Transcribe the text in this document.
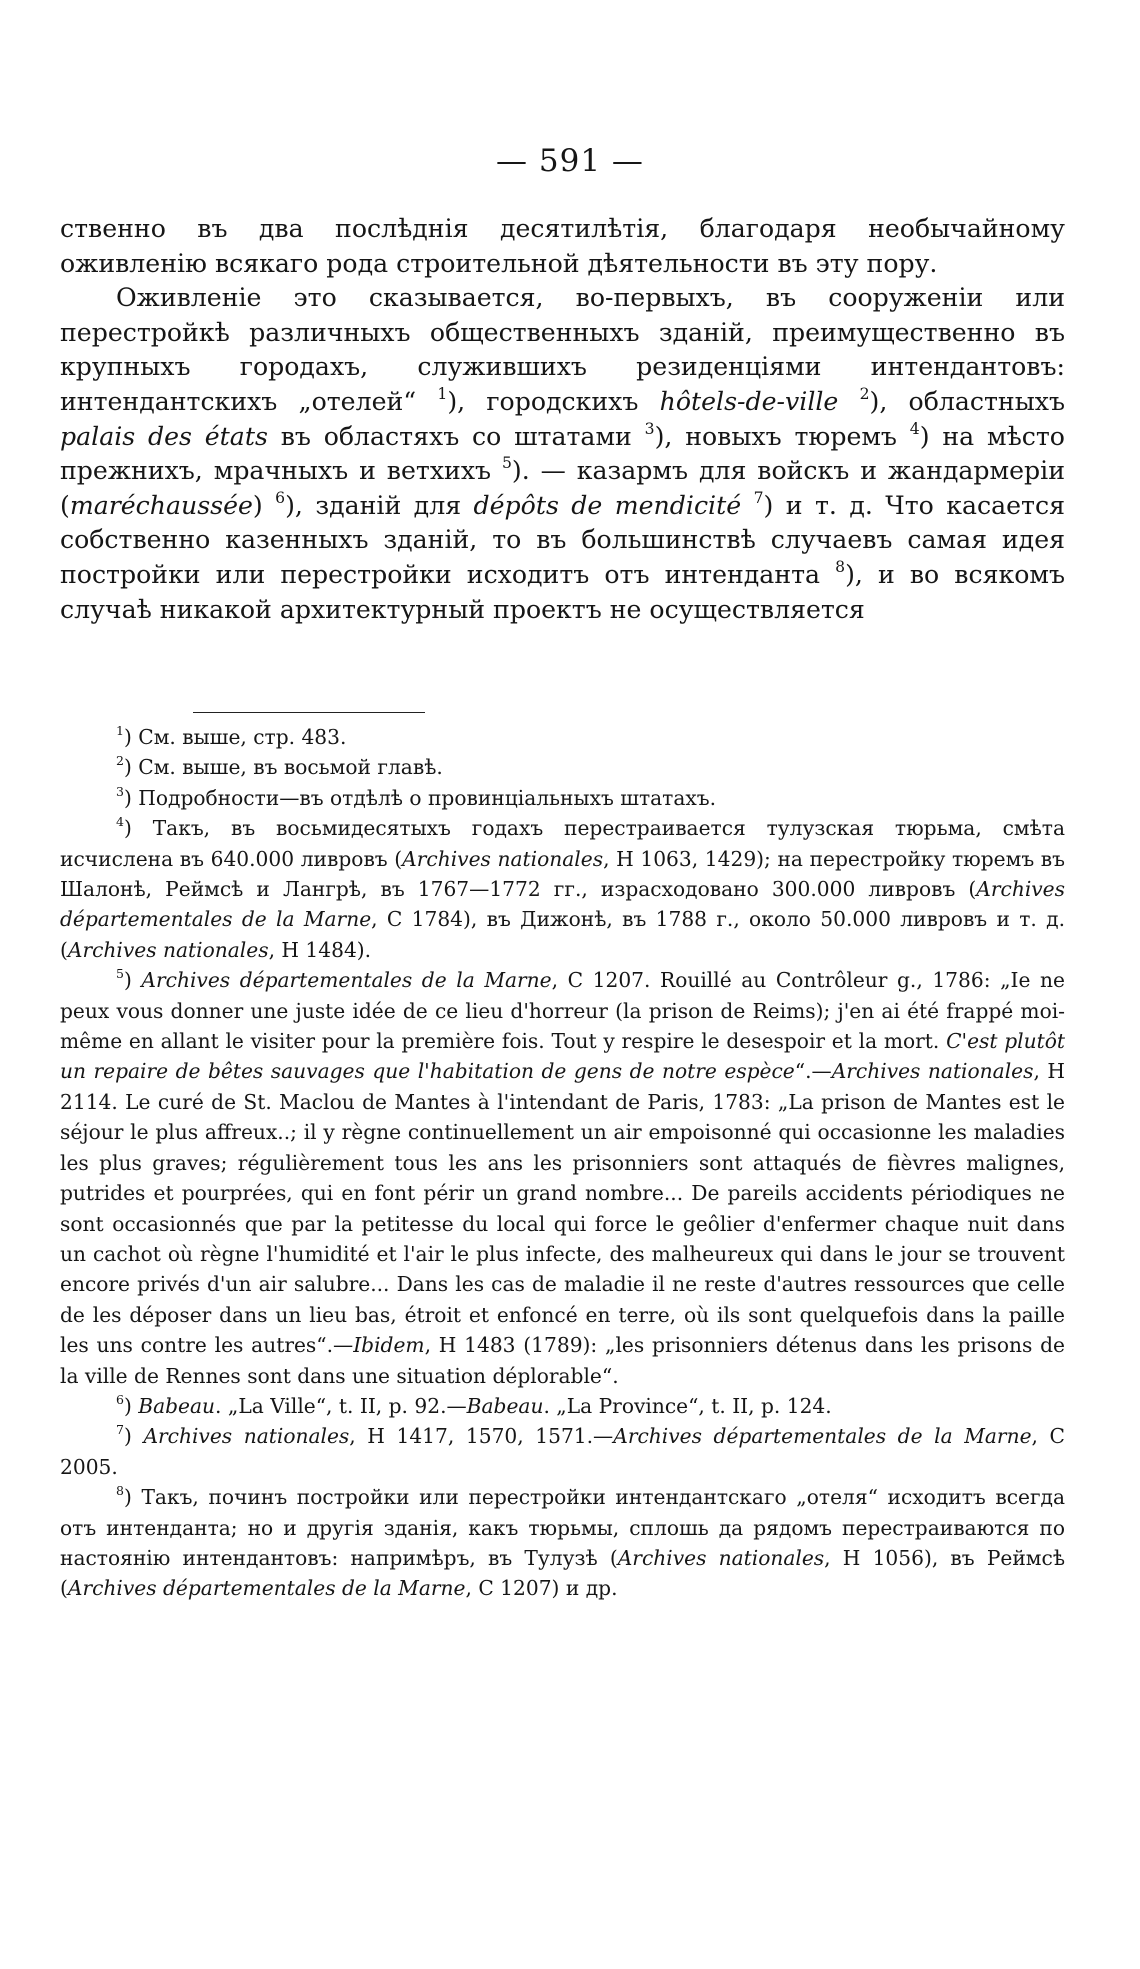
— 591 —

ственно въ два послѣднія десятилѣтія, благодаря необычайному оживленію всякаго рода строительной дѣятельности въ эту пору.

Оживленіе это сказывается, во-первыхъ, въ сооруженіи или перестройкѣ различныхъ общественныхъ зданій, преимущественно въ крупныхъ городахъ, служившихъ резиденціями интендантовъ: интендантскихъ „отелей“ $^1$), городскихъ hôtels-de-ville $^2$), областныхъ palais des états въ областяхъ со штатами $^3$), новыхъ тюремъ $^4$) на мѣсто прежнихъ, мрачныхъ и ветхихъ $^5$). — казармъ для войскъ и жандармеріи (maréchaussée) $^6$), зданій для dépôts de mendicité $^7$) и т. д. Что касается собственно казенныхъ зданій, то въ большинствѣ случаевъ самая идея постройки или перестройки исходитъ отъ интенданта $^8$), и во всякомъ случаѣ никакой архитектурный проектъ не осуществляется

$^1$) См. выше, стр. 483.

$^2$) См. выше, въ восьмой главѣ.

$^3$) Подробности—въ отдѣлѣ о провинціальныхъ штатахъ.

$^4$) Такъ, въ восьмидесятыхъ годахъ перестраивается тулузская тюрьма, смѣта исчислена въ 640.000 ливровъ (Archives nationales, H 1063, 1429); на перестройку тюремъ въ Шалонѣ, Реймсѣ и Лангрѣ, въ 1767—1772 гг., израсходовано 300.000 ливровъ (Archives départementales de la Marne, C 1784), въ Дижонѣ, въ 1788 г., около 50.000 ливровъ и т. д. (Archives nationales, H 1484).

$^5$) Archives départementales de la Marne, C 1207. Rouillé au Contrôleur g., 1786: „Ie ne peux vous donner une juste idée de ce lieu d'horreur (la prison de Reims); j'en ai été frappé moi-même en allant le visiter pour la première fois. Tout y respire le desespoir et la mort. C'est plutôt un repaire de bêtes sauvages que l'habitation de gens de notre espèce“.—Archives nationales, H 2114. Le curé de St. Maclou de Mantes à l'intendant de Paris, 1783: „La prison de Mantes est le séjour le plus affreux..; il y règne continuellement un air empoisonné qui occasionne les maladies les plus graves; régulièrement tous les ans les prisonniers sont attaqués de fièvres malignes, putrides et pourprées, qui en font périr un grand nombre... De pareils accidents périodiques ne sont occasionnés que par la petitesse du local qui force le geôlier d'enfermer chaque nuit dans un cachot où règne l'humidité et l'air le plus infecte, des malheureux qui dans le jour se trouvent encore privés d'un air salubre... Dans les cas de maladie il ne reste d'autres ressources que celle de les déposer dans un lieu bas, étroit et enfoncé en terre, où ils sont quelquefois dans la paille les uns contre les autres“.—Ibidem, H 1483 (1789): „les prisonniers détenus dans les prisons de la ville de Rennes sont dans une situation déplorable“.

$^6$) Babeau. „La Ville“, t. II, p. 92.—Babeau. „La Province“, t. II, p. 124.

$^7$) Archives nationales, H 1417, 1570, 1571.—Archives départementales de la Marne, C 2005.

$^8$) Такъ, починъ постройки или перестройки интендантскаго „отеля“ исходитъ всегда отъ интенданта; но и другія зданія, какъ тюрьмы, сплошь да рядомъ перестраиваются по настоянію интендантовъ: напримѣръ, въ Тулузѣ (Archives nationales, H 1056), въ Реймсѣ (Archives départementales de la Marne, C 1207) и др.
